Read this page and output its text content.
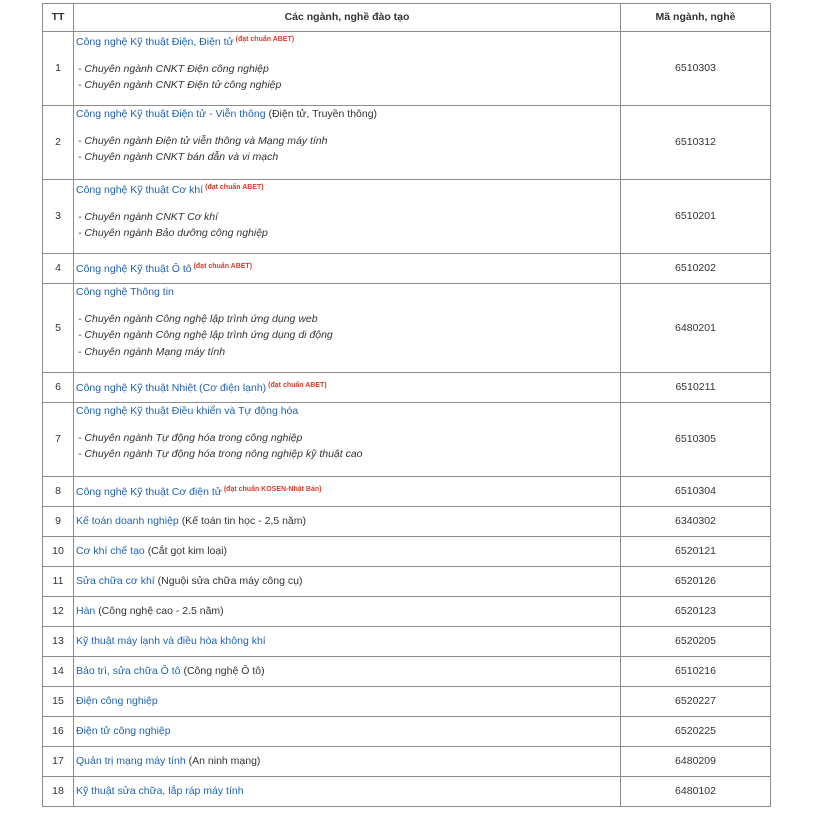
TT	Các ngành, nghề đào tạo	Mã ngành, nghề
1	Công nghệ Kỹ thuật Điện, Điện tử $^{(đạt chuẩn ABET)}$
- Chuyên ngành CNKT Điện công nghiệp
- Chuyên ngành CNKT Điện tử công nghiệp	6510303
2	Công nghệ Kỹ thuật Điện tử - Viễn thông (Điện tử, Truyền thông)
- Chuyên ngành Điện tử viễn thông và Mạng máy tính
- Chuyên ngành CNKT bán dẫn và vi mạch	6510312
3	Công nghệ Kỹ thuật Cơ khí $^{(đạt chuẩn ABET)}$
- Chuyên ngành CNKT Cơ khí
- Chuyên ngành Bảo dưỡng công nghiệp	6510201
4	Công nghệ Kỹ thuật Ô tô $^{(đạt chuẩn ABET)}$	6510202
5	Công nghệ Thông tin
- Chuyên ngành Công nghệ lập trình ứng dụng web
- Chuyên ngành Công nghệ lập trình ứng dụng di động
- Chuyên ngành Mạng máy tính	6480201
6	Công nghệ Kỹ thuật Nhiệt (Cơ điện lạnh) $^{(đạt chuẩn ABET)}$	6510211
7	Công nghệ Kỹ thuật Điều khiển và Tự động hóa
- Chuyên ngành Tự động hóa trong công nghiệp
- Chuyên ngành Tự động hóa trong nông nghiệp kỹ thuật cao	6510305
8	Công nghệ Kỹ thuật Cơ điện tử $^{(đạt chuẩn KOSEN-Nhật Bản)}$	6510304
9	Kế toán doanh nghiệp (Kế toán tin học - 2,5 năm)	6340302
10	Cơ khí chế tạo (Cắt gọt kim loại)	6520121
11	Sửa chữa cơ khí (Nguội sửa chữa máy công cụ)	6520126
12	Hàn (Công nghệ cao - 2.5 năm)	6520123
13	Kỹ thuật máy lạnh và điều hòa không khí	6520205
14	Bảo trì, sửa chữa Ô tô (Công nghệ Ô tô)	6510216
15	Điện công nghiệp	6520227
16	Điện tử công nghiệp	6520225
17	Quản trị mạng máy tính (An ninh mạng)	6480209
18	Kỹ thuật sửa chữa, lắp ráp máy tính	6480102
